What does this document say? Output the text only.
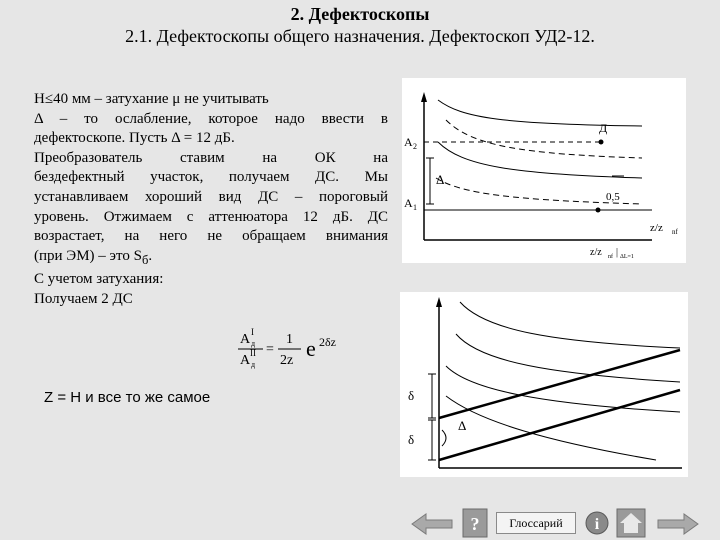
2. Дефектоскопы
2.1. Дефектоскопы общего назначения. Дефектоскоп УД2-12.

H≤40 мм – затухание μ не учитывать

Δ – то ослабление, которое надо ввести в

дефектоскопе. Пусть Δ = 12 дБ.

Преобразователь ставим на ОК на

бездефектный участок, получаем ДС. Мы

устанавливаем хороший вид ДС – пороговый

уровень. Отжимаем с аттенюатора 12 дБ. ДС

возрастает, на него не обращаем внимания

(при ЭМ) – это $S_б$.

С учетом затухания:

Получаем 2 ДС

A I
д
A II
д
=
1
2z e 2δz
Z = H и все то же самое
A 2
A 1
Δ
Д
0,5
z/z nf
z/z nf | ΔL=1
δ
δ
Δ
?	i
Глоссарий
